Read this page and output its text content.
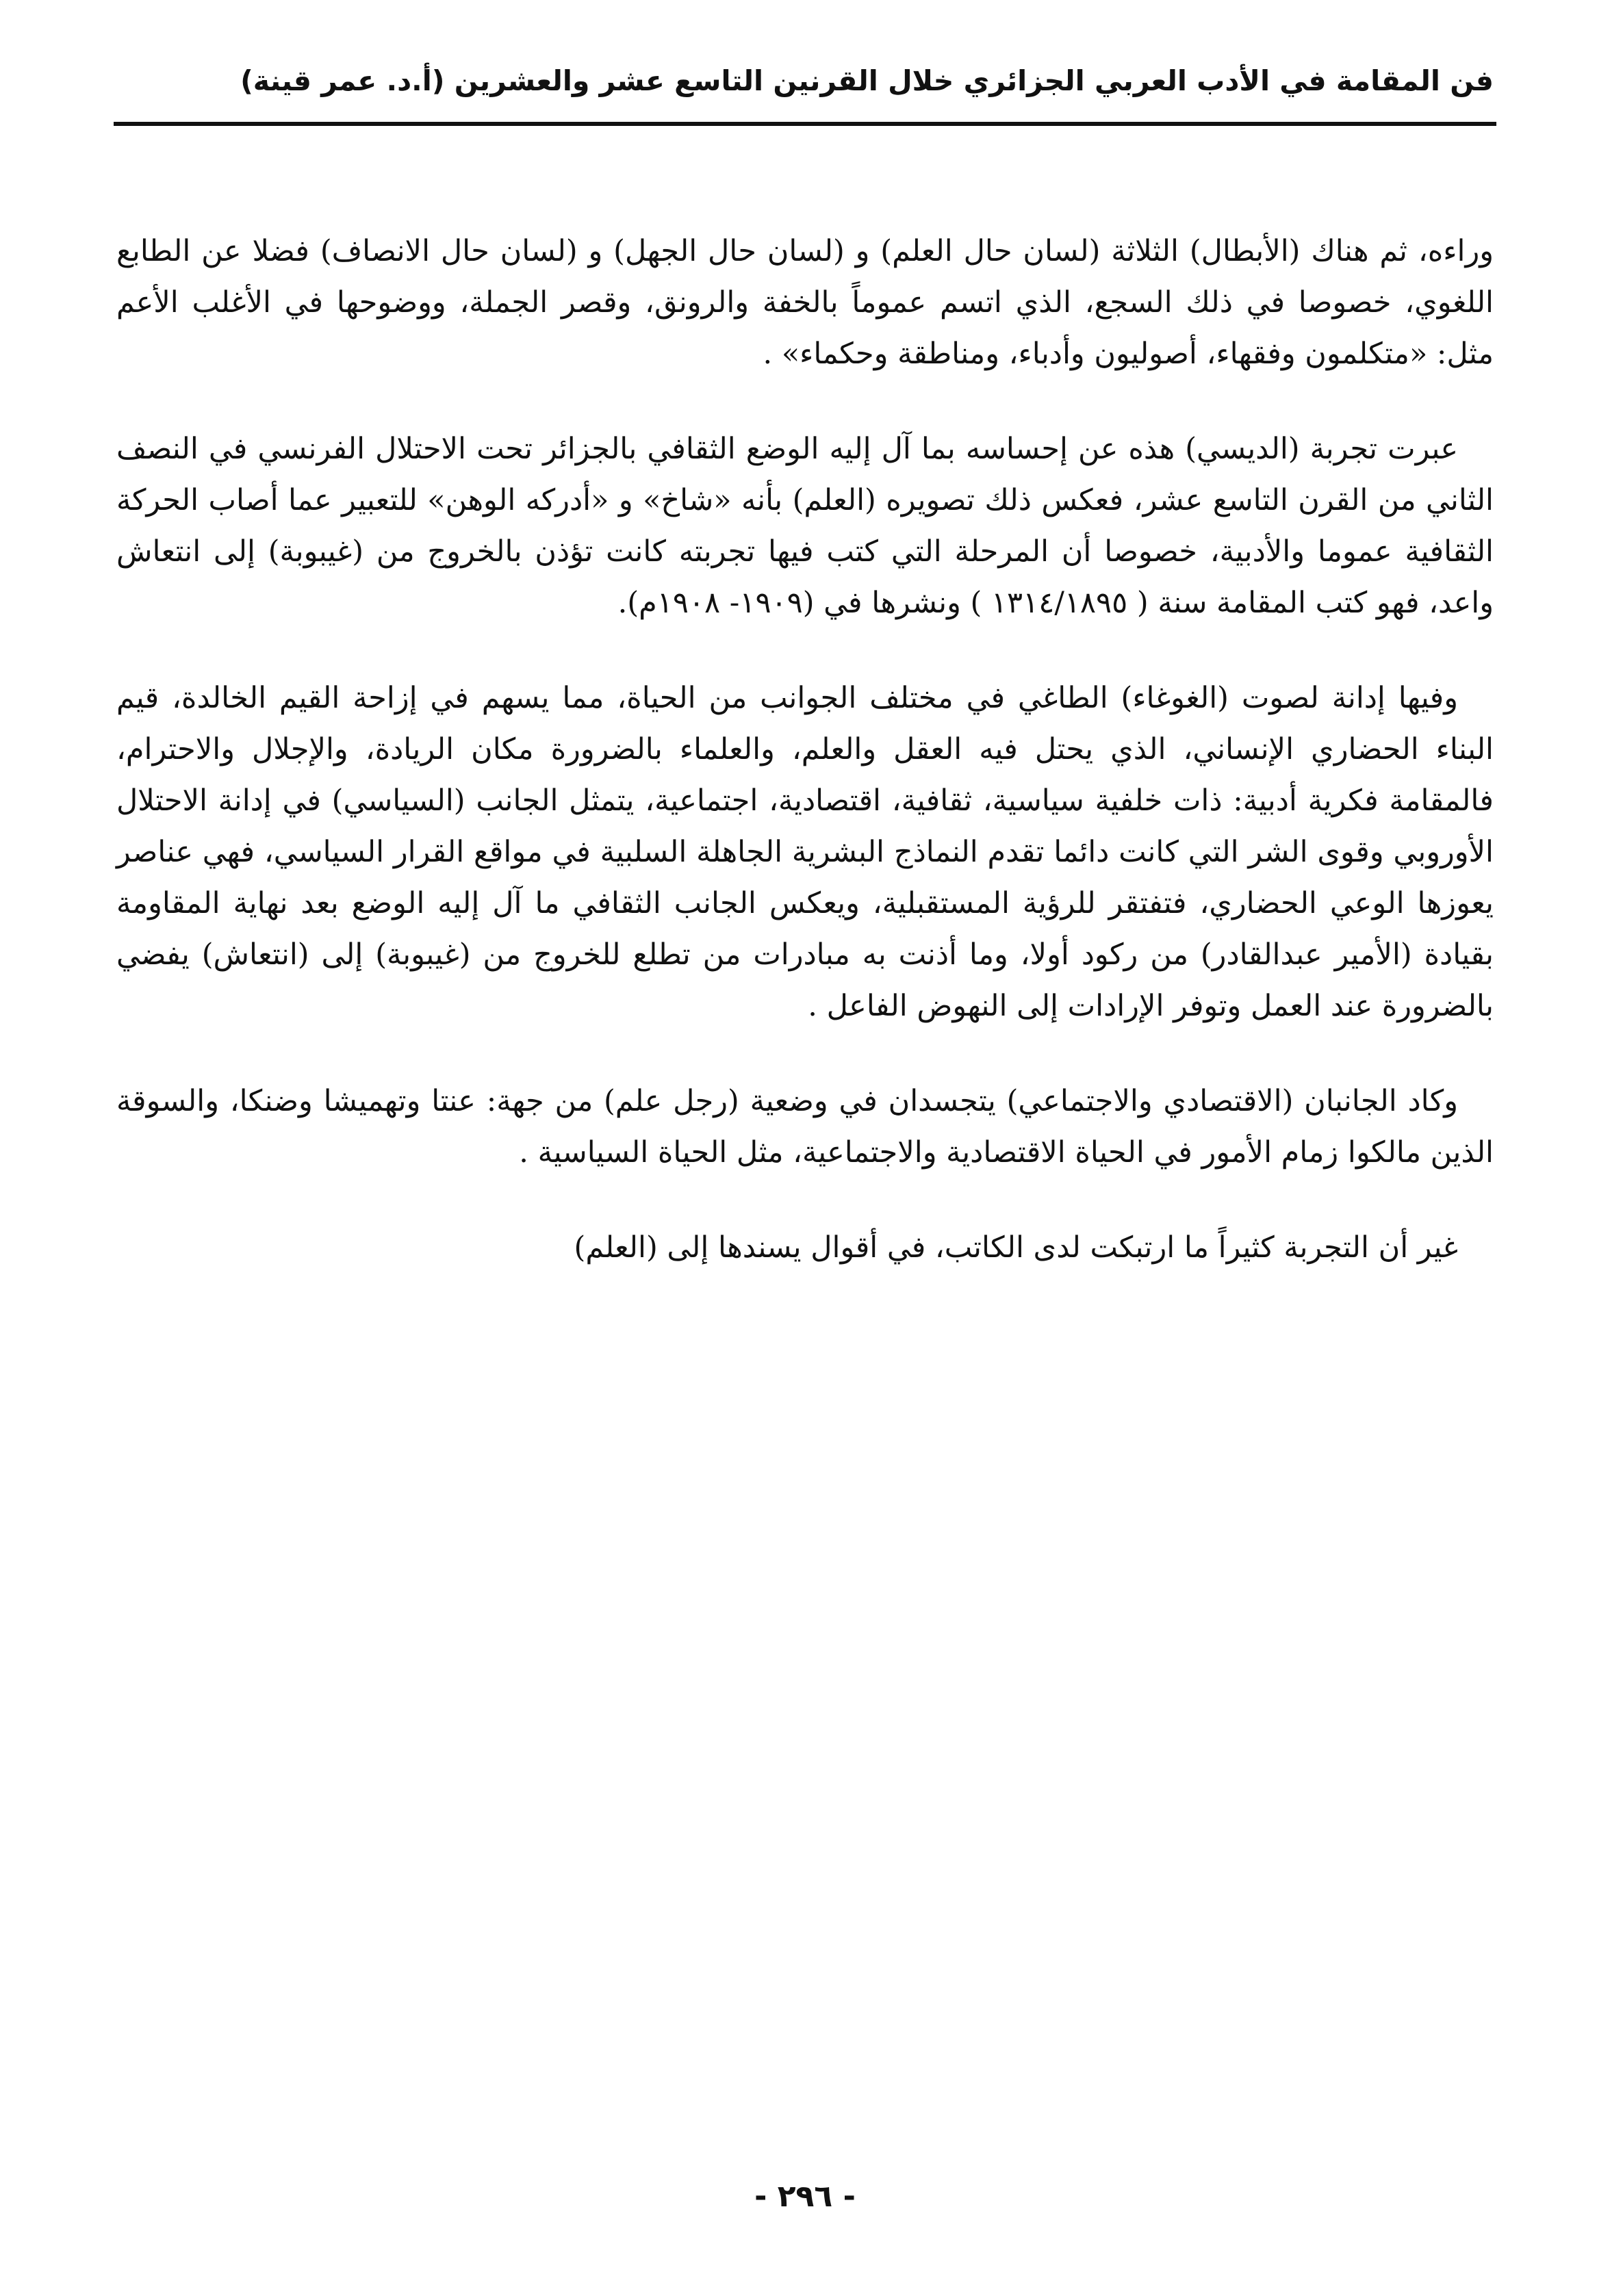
فن المقامة في الأدب العربي الجزائري خلال القرنين التاسع عشر والعشرين (أ.د. عمر قينة)

وراءه، ثم هناك (الأبطال) الثلاثة (لسان حال العلم) و (لسان حال الجهل) و (لسان حال الانصاف) فضلا عن الطابع اللغوي، خصوصا في ذلك السجع، الذي اتسم عموماً بالخفة والرونق، وقصر الجملة، ووضوحها في الأغلب الأعم مثل: «متكلمون وفقهاء، أصوليون وأدباء، ومناطقة وحكماء» .

عبرت تجربة (الديسي) هذه عن إحساسه بما آل إليه الوضع الثقافي بالجزائر تحت الاحتلال الفرنسي في النصف الثاني من القرن التاسع عشر، فعكس ذلك تصويره (العلم) بأنه «شاخ» و «أدركه الوهن» للتعبير عما أصاب الحركة الثقافية عموما والأدبية، خصوصا أن المرحلة التي كتب فيها تجربته كانت تؤذن بالخروج من (غيبوبة) إلى انتعاش واعد، فهو كتب المقامة سنة ( ١٣١٤/١٨٩٥ ) ونشرها في (١٩٠٩- ١٩٠٨م).

وفيها إدانة لصوت (الغوغاء) الطاغي في مختلف الجوانب من الحياة، مما يسهم في إزاحة القيم الخالدة، قيم البناء الحضاري الإنساني، الذي يحتل فيه العقل والعلم، والعلماء بالضرورة مكان الريادة، والإجلال والاحترام، فالمقامة فكرية أدبية: ذات خلفية سياسية، ثقافية، اقتصادية، اجتماعية، يتمثل الجانب (السياسي) في إدانة الاحتلال الأوروبي وقوى الشر التي كانت دائما تقدم النماذج البشرية الجاهلة السلبية في مواقع القرار السياسي، فهي عناصر يعوزها الوعي الحضاري، فتفتقر للرؤية المستقبلية، ويعكس الجانب الثقافي ما آل إليه الوضع بعد نهاية المقاومة بقيادة (الأمير عبدالقادر) من ركود أولا، وما أذنت به مبادرات من تطلع للخروج من (غيبوبة) إلى (انتعاش) يفضي بالضرورة عند العمل وتوفر الإرادات إلى النهوض الفاعل .

وكاد الجانبان (الاقتصادي والاجتماعي) يتجسدان في وضعية (رجل علم) من جهة: عنتا وتهميشا وضنكا، والسوقة الذين مالكوا زمام الأمور في الحياة الاقتصادية والاجتماعية، مثل الحياة السياسية .

غير أن التجربة كثيراً ما ارتبكت لدى الكاتب، في أقوال يسندها إلى (العلم)

- ٢٩٦ -
